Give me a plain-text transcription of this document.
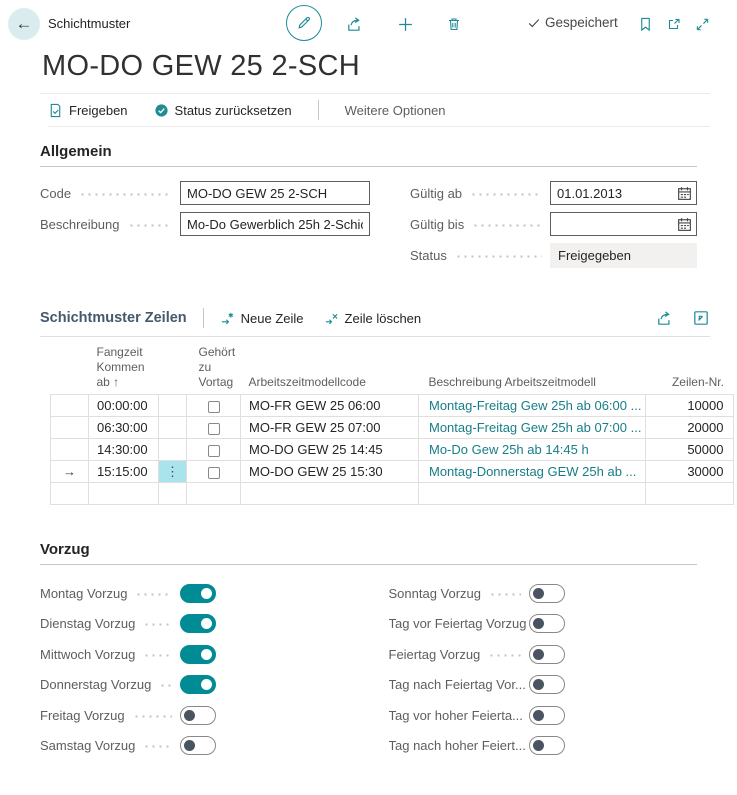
← Schichtmuster	Gespeichert
MO-DO GEW 25 2-SCH
Freigeben	Status zurücksetzen	Weitere Optionen
Allgemein
Code
MO-DO GEW 25 2-SCH
Beschreibung
Mo-Do Gewerblich 25h 2-Schicht
Gültig ab
01.01.2013
Gültig bis
Status	Freigegeben
Schichtmuster Zeilen	Neue Zeile	Zeile löschen
	Fangzeit
Kommen ab ↑		Gehört
zu
Vortag	Arbeitszeitmodellcode	Beschreibung Arbeitszeitmodell	Zeilen-Nr.
	00:00:00			MO-FR GEW 25 06:00	Montag-Freitag Gew 25h ab 06:00 ...	10000
	06:30:00			MO-FR GEW 25 07:00	Montag-Freitag Gew 25h ab 07:00 ...	20000
	14:30:00			MO-DO GEW 25 14:45	Mo-Do Gew 25h ab 14:45 h	50000
→	15:15:00	⋮		MO-DO GEW 25 15:30	Montag-Donnerstag GEW 25h ab ...	30000

Vorzug
Montag Vorzug
Dienstag Vorzug
Mittwoch Vorzug
Donnerstag Vorzug
Freitag Vorzug
Samstag Vorzug
Sonntag Vorzug
Tag vor Feiertag Vorzug
Feiertag Vorzug
Tag nach Feiertag Vor...
Tag vor hoher Feierta...
Tag nach hoher Feiert...
